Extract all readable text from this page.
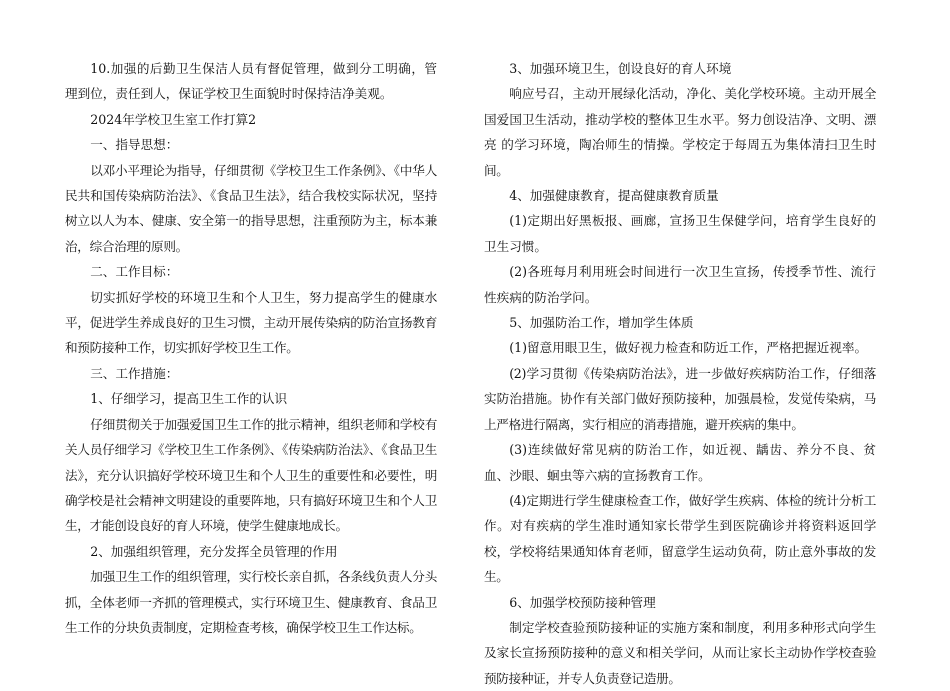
10.加强的后勤卫生保洁人员有督促管理，做到分工明确，管理到位，责任到人，保证学校卫生面貌时时保持洁净美观。

2024年学校卫生室工作打算2

一、指导思想：

以邓小平理论为指导，仔细贯彻《学校卫生工作条例》、《中华人民共和国传染病防治法》、《食品卫生法》，结合我校实际状况，坚持树立以人为本、健康、安全第一的指导思想，注重预防为主，标本兼治，综合治理的原则。

二、工作目标：

切实抓好学校的环境卫生和个人卫生，努力提高学生的健康水平，促进学生养成良好的卫生习惯，主动开展传染病的防治宣扬教育和预防接种工作，切实抓好学校卫生工作。

三、工作措施：

1、仔细学习，提高卫生工作的认识

仔细贯彻关于加强爱国卫生工作的批示精神，组织老师和学校有关人员仔细学习《学校卫生工作条例》、《传染病防治法》、《食品卫生法》，充分认识搞好学校环境卫生和个人卫生的重要性和必要性，明确学校是社会精神文明建设的重要阵地，只有搞好环境卫生和个人卫生，才能创设良好的育人环境，使学生健康地成长。

2、加强组织管理，充分发挥全员管理的作用

加强卫生工作的组织管理，实行校长亲自抓，各条线负责人分头抓，全体老师一齐抓的管理模式，实行环境卫生、健康教育、食品卫生工作的分块负责制度，定期检查考核，确保学校卫生工作达标。

3、加强环境卫生，创设良好的育人环境

响应号召，主动开展绿化活动，净化、美化学校环境。主动开展全国爱国卫生活动，推动学校的整体卫生水平。努力创设洁净、文明、漂亮 的学习环境，陶冶师生的情操。学校定于每周五为集体清扫卫生时间。

4、加强健康教育，提高健康教育质量

(1)定期出好黑板报、画廊，宣扬卫生保健学问，培育学生良好的卫生习惯。

(2)各班每月利用班会时间进行一次卫生宣扬，传授季节性、流行性疾病的防治学问。

5、加强防治工作，增加学生体质

(1)留意用眼卫生，做好视力检查和防近工作，严格把握近视率。

(2)学习贯彻《传染病防治法》，进一步做好疾病防治工作，仔细落实防治措施。协作有关部门做好预防接种，加强晨检，发觉传染病，马上严格进行隔离，实行相应的消毒措施，避开疾病的集中。

(3)连续做好常见病的防治工作，如近视、龋齿、养分不良、贫血、沙眼、蛔虫等六病的宣扬教育工作。

(4)定期进行学生健康检查工作，做好学生疾病、体检的统计分析工作。对有疾病的学生准时通知家长带学生到医院确诊并将资料返回学校，学校将结果通知体育老师，留意学生运动负荷，防止意外事故的发生。

6、加强学校预防接种管理

制定学校查验预防接种证的实施方案和制度，利用多种形式向学生及家长宣扬预防接种的意义和相关学问，从而让家长主动协作学校查验预防接种证，并专人负责登记造册。
